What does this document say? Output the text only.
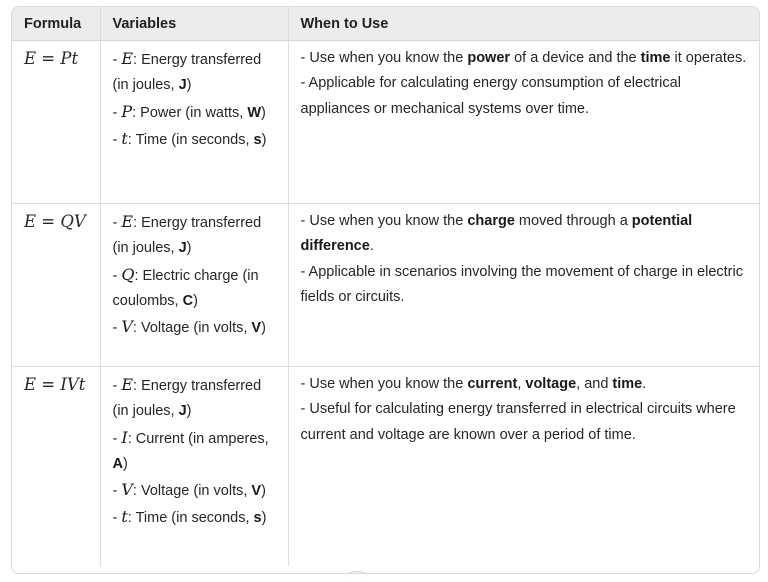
Formula	Variables	When to Use
E = Pt	- E: Energy transferred (in joules, J)
- P: Power (in watts, W)
- t: Time (in seconds, s)	- Use when you know the power of a device and the time it operates.
- Applicable for calculating energy consumption of electrical appliances or mechanical systems over time.

E = QV	- E: Energy transferred (in joules, J)
- Q: Electric charge (in coulombs, C)
- V: Voltage (in volts, V)	- Use when you know the charge moved through a potential difference.
- Applicable in scenarios involving the movement of charge in electric fields or circuits.

E = IVt	- E: Energy transferred (in joules, J)
- I: Current (in amperes, A)
- V: Voltage (in volts, V)
- t: Time (in seconds, s)	- Use when you know the current, voltage, and time.
- Useful for calculating energy transferred in electrical circuits where current and voltage are known over a period of time.
